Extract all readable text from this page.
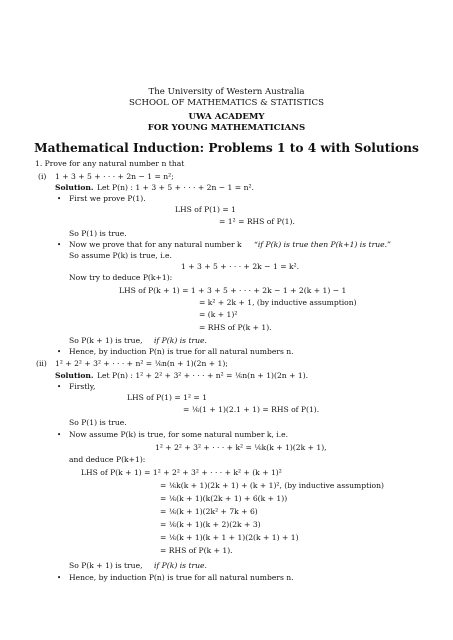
The University of Western Australia
SCHOOL OF MATHEMATICS & STATISTICS
UWA ACADEMY
FOR YOUNG MATHEMATICIANS
Mathematical Induction: Problems 1 to 4 with Solutions
1. Prove for any natural number n that
(i) 1 + 3 + 5 + · · · + 2n − 1 = n²;
Solution. Let P(n) : 1 + 3 + 5 + · · · + 2n − 1 = n².
• First we prove P(1).
LHS of P(1) = 1
= 1² = RHS of P(1).
So P(1) is true.
• Now we prove that for any natural number k “if P(k) is true then P(k+1) is true.”
So assume P(k) is true, i.e.
1 + 3 + 5 + · · · + 2k − 1 = k².
Now try to deduce P(k+1):
LHS of P(k + 1) = 1 + 3 + 5 + · · · + 2k − 1 + 2(k + 1) − 1
= k² + 2k + 1, (by inductive assumption)
= (k + 1)²
= RHS of P(k + 1).
So P(k + 1) is true, if P(k) is true.
• Hence, by induction P(n) is true for all natural numbers n.
(ii) 1² + 2² + 3² + · · · + n² = ⅙n(n + 1)(2n + 1);
Solution. Let P(n) : 1² + 2² + 3² + · · · + n² = ⅙n(n + 1)(2n + 1).
• Firstly,
LHS of P(1) = 1² = 1
= ⅙(1 + 1)(2.1 + 1) = RHS of P(1).
So P(1) is true.
• Now assume P(k) is true, for some natural number k, i.e.
1² + 2² + 3² + · · · + k² = ⅙k(k + 1)(2k + 1),
and deduce P(k+1):
LHS of P(k + 1) = 1² + 2² + 3² + · · · + k² + (k + 1)²
= ⅙k(k + 1)(2k + 1) + (k + 1)², (by inductive assumption)
= ⅙(k + 1)(k(2k + 1) + 6(k + 1))
= ⅙(k + 1)(2k² + 7k + 6)
= ⅙(k + 1)(k + 2)(2k + 3)
= ⅙(k + 1)(k + 1 + 1)(2(k + 1) + 1)
= RHS of P(k + 1).
So P(k + 1) is true, if P(k) is true.
• Hence, by induction P(n) is true for all natural numbers n.
